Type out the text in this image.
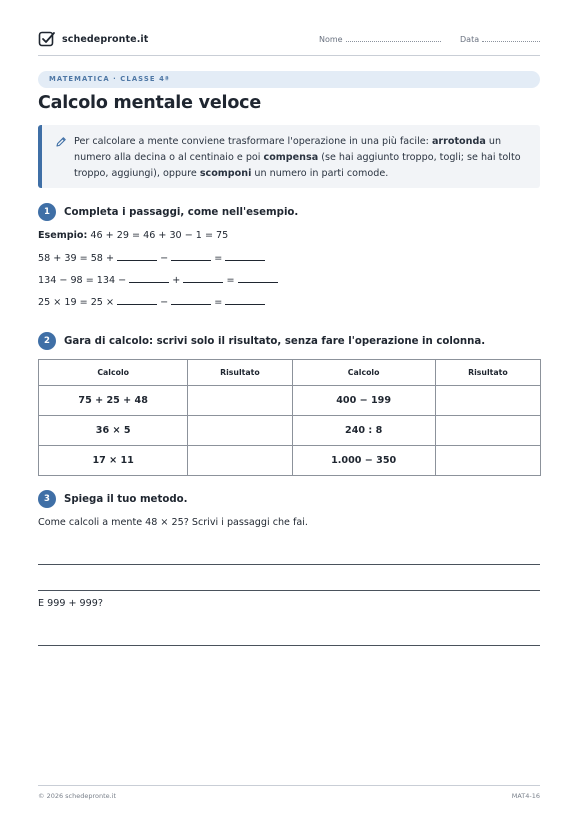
schedepronte.it	Nome	Data
MATEMATICA · CLASSE 4ª
Calcolo mentale veloce
Per calcolare a mente conviene trasformare l'operazione in una più facile: arrotonda un numero alla decina o al centinaio e poi compensa (se hai aggiunto troppo, togli; se hai tolto troppo, aggiungi), oppure scomponi un numero in parti comode.
1	Completa i passaggi, come nell'esempio.
Esempio: 46 + 29 = 46 + 30 − 1 = 75
58 + 39 = 58 +	−	=
134 − 98 = 134 −	+	=
25 × 19 = 25 ×	−	=
2	Gara di calcolo: scrivi solo il risultato, senza fare l'operazione in colonna.
Calcolo	Risultato	Calcolo	Risultato
75 + 25 + 48		400 − 199	
36 × 5		240 : 8	
17 × 11		1.000 − 350	
3	Spiega il tuo metodo.
Come calcoli a mente 48 × 25? Scrivi i passaggi che fai.
E 999 + 999?
© 2026 schedepronte.it	MAT4-16
